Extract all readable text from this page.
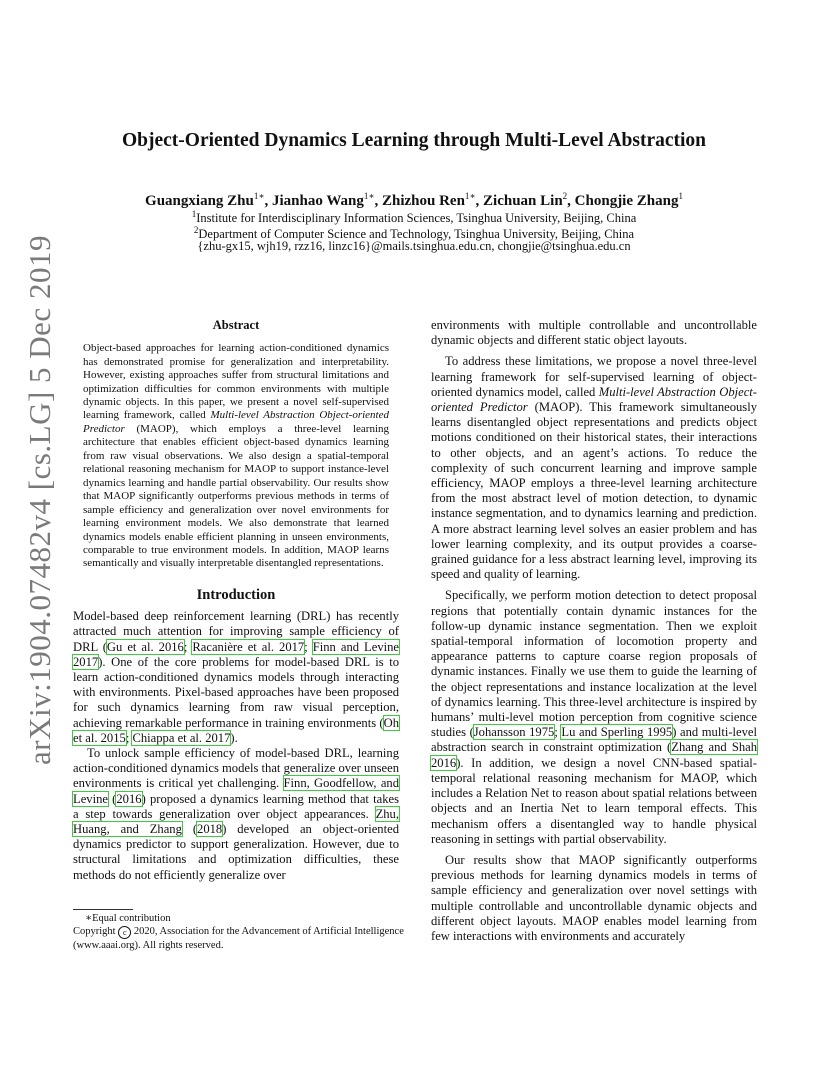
arXiv:1904.07482v4 [cs.LG] 5 Dec 2019
Object-Oriented Dynamics Learning through Multi-Level Abstraction
Guangxiang Zhu$^{1∗}$, Jianhao Wang$^{1∗}$, Zhizhou Ren$^{1∗}$, Zichuan Lin$^2$, Chongjie Zhang$^1$
$^1$Institute for Interdisciplinary Information Sciences, Tsinghua University, Beijing, China
$^2$Department of Computer Science and Technology, Tsinghua University, Beijing, China
{zhu-gx15, wjh19, rzz16, linzc16}@mails.tsinghua.edu.cn, chongjie@tsinghua.edu.cn
Abstract

Object-based approaches for learning action-conditioned dynamics has demonstrated promise for generalization and interpretability. However, existing approaches suffer from structural limitations and optimization difficulties for common environments with multiple dynamic objects. In this paper, we present a novel self-supervised learning framework, called Multi-level Abstraction Object-oriented Predictor (MAOP), which employs a three-level learning architecture that enables efficient object-based dynamics learning from raw visual observations. We also design a spatial-temporal relational reasoning mechanism for MAOP to support instance-level dynamics learning and handle partial observability. Our results show that MAOP significantly outperforms previous methods in terms of sample efficiency and generalization over novel environments for learning environment models. We also demonstrate that learned dynamics models enable efficient planning in unseen environments, comparable to true environment models. In addition, MAOP learns semantically and visually interpretable disentangled representations.

Introduction

Model-based deep reinforcement learning (DRL) has recently attracted much attention for improving sample efficiency of DRL (Gu et al. 2016; Racanière et al. 2017; Finn and Levine 2017). One of the core problems for model-based DRL is to learn action-conditioned dynamics models through interacting with environments. Pixel-based approaches have been proposed for such dynamics learning from raw visual perception, achieving remarkable performance in training environments (Oh et al. 2015; Chiappa et al. 2017).

To unlock sample efficiency of model-based DRL, learning action-conditioned dynamics models that generalize over unseen environments is critical yet challenging. Finn, Goodfellow, and Levine (2016) proposed a dynamics learning method that takes a step towards generalization over object appearances. Zhu, Huang, and Zhang (2018) developed an object-oriented dynamics predictor to support generalization. However, due to structural limitations and optimization difficulties, these methods do not efficiently generalize over

∗Equal contribution
Copyright c 2020, Association for the Advancement of Artificial Intelligence (www.aaai.org). All rights reserved.

environments with multiple controllable and uncontrollable dynamic objects and different static object layouts.

To address these limitations, we propose a novel three-level learning framework for self-supervised learning of object-oriented dynamics model, called Multi-level Abstraction Object-oriented Predictor (MAOP). This framework simultaneously learns disentangled object representations and predicts object motions conditioned on their historical states, their interactions to other objects, and an agent’s actions. To reduce the complexity of such concurrent learning and improve sample efficiency, MAOP employs a three-level learning architecture from the most abstract level of motion detection, to dynamic instance segmentation, and to dynamics learning and prediction. A more abstract learning level solves an easier problem and has lower learning complexity, and its output provides a coarse-grained guidance for a less abstract learning level, improving its speed and quality of learning.

Specifically, we perform motion detection to detect proposal regions that potentially contain dynamic instances for the follow-up dynamic instance segmentation. Then we exploit spatial-temporal information of locomotion property and appearance patterns to capture coarse region proposals of dynamic instances. Finally we use them to guide the learning of the object representations and instance localization at the level of dynamics learning. This three-level architecture is inspired by humans’ multi-level motion perception from cognitive science studies (Johansson 1975; Lu and Sperling 1995) and multi-level abstraction search in constraint optimization (Zhang and Shah 2016). In addition, we design a novel CNN-based spatial-temporal relational reasoning mechanism for MAOP, which includes a Relation Net to reason about spatial relations between objects and an Inertia Net to learn temporal effects. This mechanism offers a disentangled way to handle physical reasoning in settings with partial observability.

Our results show that MAOP significantly outperforms previous methods for learning dynamics models in terms of sample efficiency and generalization over novel settings with multiple controllable and uncontrollable dynamic objects and different object layouts. MAOP enables model learning from few interactions with environments and accurately
